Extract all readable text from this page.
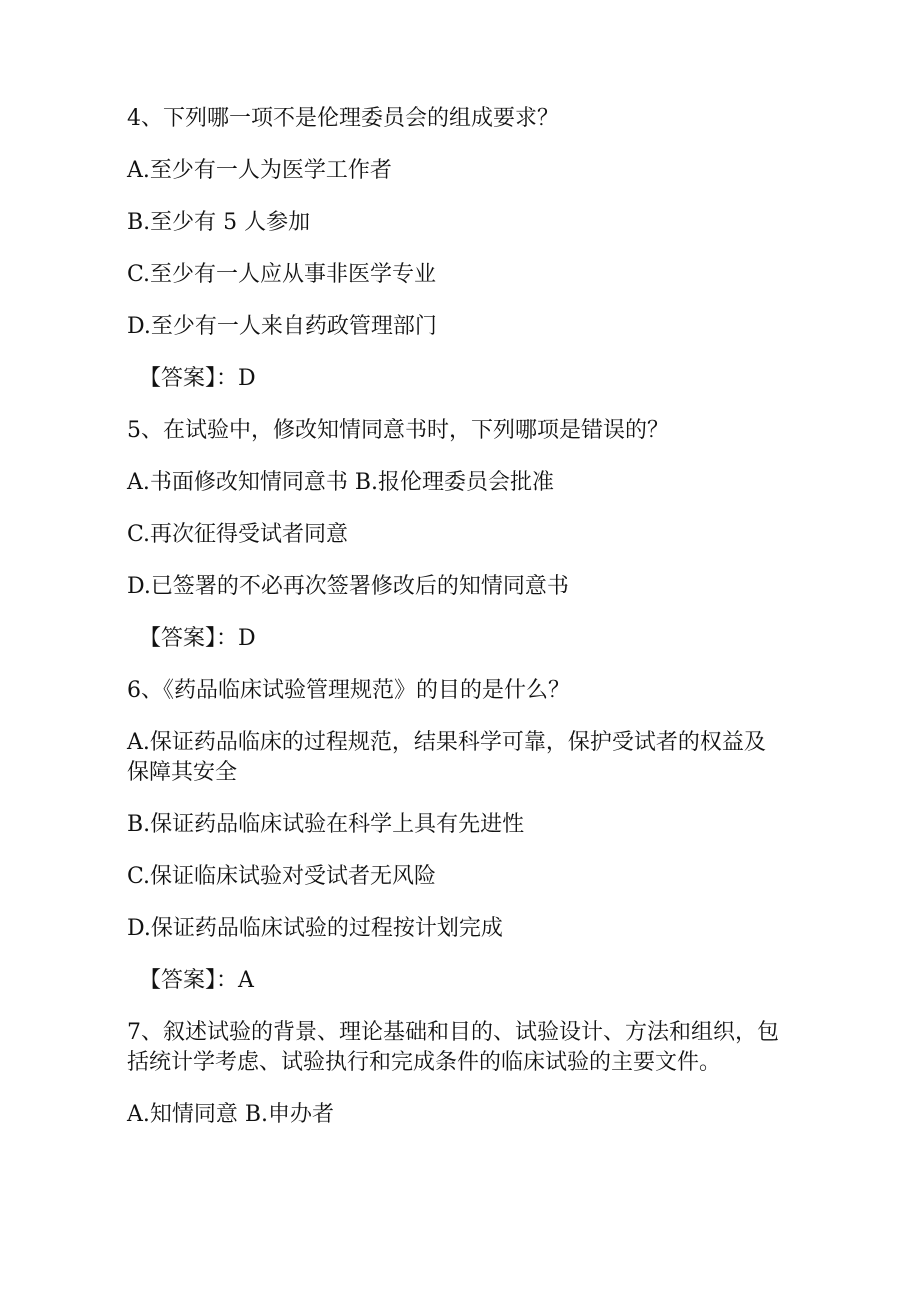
4、下列哪一项不是伦理委员会的组成要求？

A.至少有一人为医学工作者

B.至少有 5 人参加

C.至少有一人应从事非医学专业

D.至少有一人来自药政管理部门

【答案】：D

5、在试验中，修改知情同意书时，下列哪项是错误的？

A.书面修改知情同意书 B.报伦理委员会批准

C.再次征得受试者同意

D.已签署的不必再次签署修改后的知情同意书

【答案】：D

6、《药品临床试验管理规范》的目的是什么？

A.保证药品临床的过程规范，结果科学可靠，保护受试者的权益及保障其安全

B.保证药品临床试验在科学上具有先进性

C.保证临床试验对受试者无风险

D.保证药品临床试验的过程按计划完成

【答案】：A

7、叙述试验的背景、理论基础和目的、试验设计、方法和组织，包括统计学考虑、试验执行和完成条件的临床试验的主要文件。

A.知情同意 B.申办者
